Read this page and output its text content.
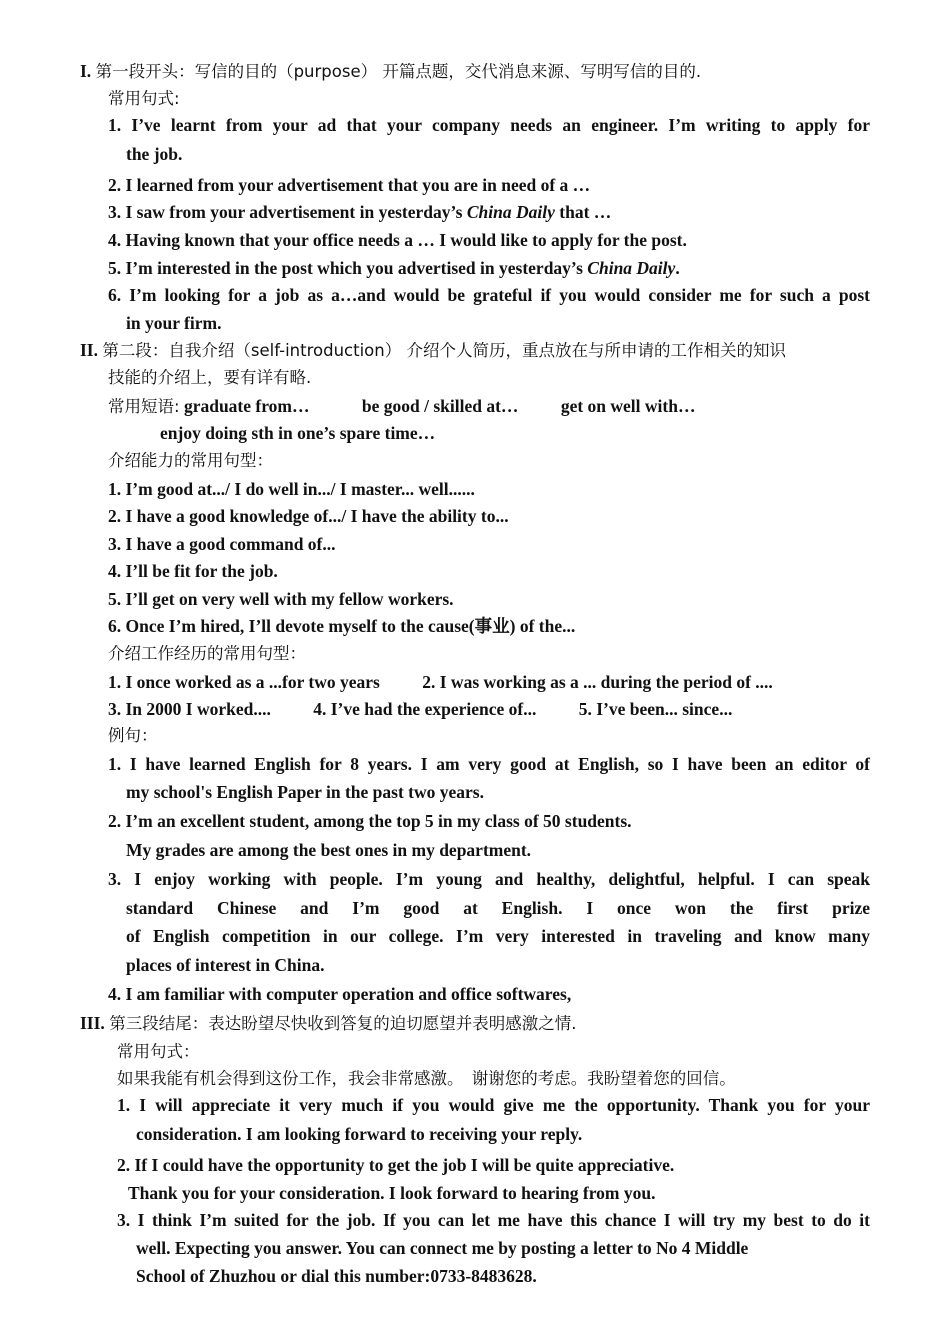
I. 第一段开头：写信的目的（purpose） 开篇点题，交代消息来源、写明写信的目的.
常用句式:
1. I’ve learnt from your ad that your company needs an engineer. I’m writing to apply for
the job.
2. I learned from your advertisement that you are in need of a …
3. I saw from your advertisement in yesterday’s China Daily that …
4. Having known that your office needs a … I would like to apply for the post.
5. I’m interested in the post which you advertised in yesterday’s China Daily.
6. I’m looking for a job as a…and would be grateful if you would consider me for such a post
in your firm.
II. 第二段：自我介绍（self-introduction） 介绍个人简历，重点放在与所申请的工作相关的知识
技能的介绍上，要有详有略.
常用短语: graduate from…	be good / skilled at… get on well with…
enjoy doing sth in one’s spare time…
介绍能力的常用句型：
1. I’m good at.../ I do well in.../ I master... well......
2. I have a good knowledge of.../ I have the ability to...
3. I have a good command of...
4. I’ll be fit for the job.
5. I’ll get on very well with my fellow workers.
6. Once I’m hired, I’ll devote myself to the cause(事业) of the...
介绍工作经历的常用句型：
1. I once worked as a ...for two years 2. I was working as a ... during the period of ....
3. In 2000 I worked.... 4. I’ve had the experience of... 5. I’ve been... since...
例句：
1. I have learned English for 8 years. I am very good at English, so I have been an editor of
my school's English Paper in the past two years.
2. I’m an excellent student, among the top 5 in my class of 50 students.
My grades are among the best ones in my department.
3. I enjoy working with people. I’m young and healthy, delightful, helpful. I can speak
standard Chinese and I’m good at English. I once won the first prize
of English competition in our college. I’m very interested in traveling and know many
places of interest in China.
4. I am familiar with computer operation and office softwares,
III. 第三段结尾：表达盼望尽快收到答复的迫切愿望并表明感激之情.
常用句式：
如果我能有机会得到这份工作，我会非常感激。　谢谢您的考虑。我盼望着您的回信。
1. I will appreciate it very much if you would give me the opportunity. Thank you for your
consideration. I am looking forward to receiving your reply.
2. If I could have the opportunity to get the job I will be quite appreciative.
Thank you for your consideration. I look forward to hearing from you.
3. I think I’m suited for the job. If you can let me have this chance I will try my best to do it
well. Expecting you answer. You can connect me by posting a letter to No 4 Middle
School of Zhuzhou or dial this number:0733-8483628.
